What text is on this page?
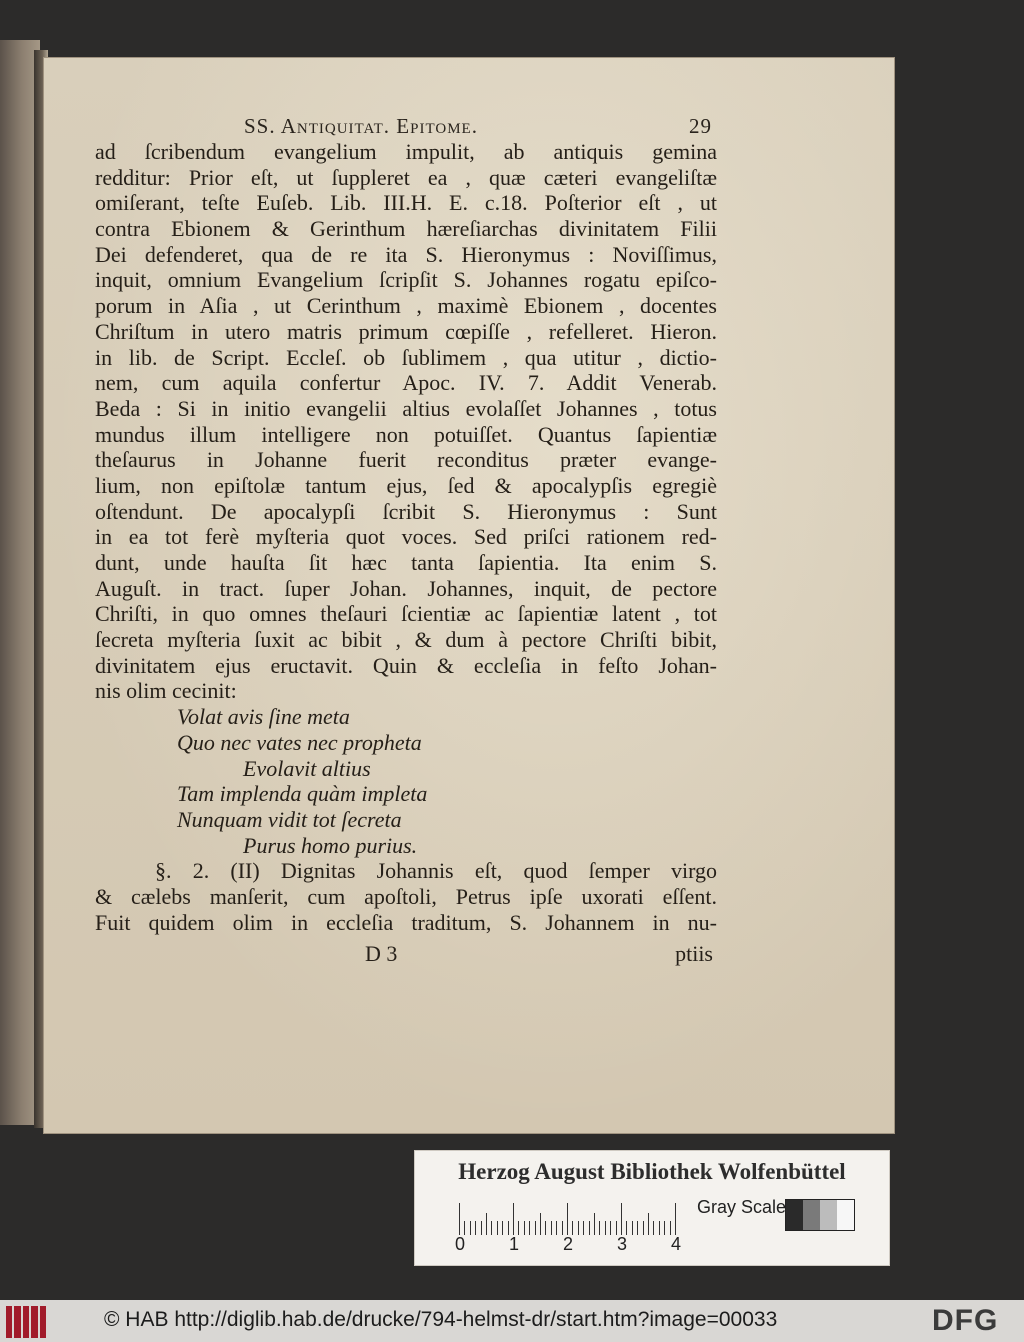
SS. Antiquitat. Epitome.	29
ad ſcribendum evangelium impulit, ab antiquis gemina
redditur: Prior eſt, ut ſuppleret ea , quæ cæteri evangeliſtæ
omiſerant, teſte Euſeb. Lib. III.H. E. c.18. Poſterior eſt , ut
contra Ebionem & Gerinthum hæreſiarchas divinitatem Filii
Dei defenderet, qua de re ita S. Hieronymus : Noviſſimus,
inquit, omnium Evangelium ſcripſit S. Johannes rogatu epiſco-
porum in Aſia , ut Cerinthum , maximè Ebionem , docentes
Chriſtum in utero matris primum cœpiſſe , refelleret. Hieron.
in lib. de Script. Eccleſ. ob ſublimem , qua utitur , dictio-
nem, cum aquila confertur Apoc. IV. 7. Addit Venerab.
Beda : Si in initio evangelii altius evolaſſet Johannes , totus
mundus illum intelligere non potuiſſet. Quantus ſapientiæ
theſaurus in Johanne fuerit reconditus præter evange-
lium, non epiſtolæ tantum ejus, ſed & apocalypſis egregiè
oſtendunt. De apocalypſi ſcribit S. Hieronymus : Sunt
in ea tot ferè myſteria quot voces. Sed priſci rationem red-
dunt, unde hauſta ſit hæc tanta ſapientia. Ita enim S.
Auguſt. in tract. ſuper Johan. Johannes, inquit, de pectore
Chriſti, in quo omnes theſauri ſcientiæ ac ſapientiæ latent , tot
ſecreta myſteria ſuxit ac bibit , & dum à pectore Chriſti bibit,
divinitatem ejus eructavit. Quin & eccleſia in feſto Johan-
nis olim cecinit:
Volat avis ſine meta
Quo nec vates nec propheta
Evolavit altius
Tam implenda quàm impleta
Nunquam vidit tot ſecreta
Purus homo purius.
§. 2. (II) Dignitas Johannis eſt, quod ſemper virgo
& cælebs manſerit, cum apoſtoli, Petrus ipſe uxorati eſſent.
Fuit quidem olim in eccleſia traditum, S. Johannem in nu-
D 3	ptiis
Herzog August Bibliothek Wolfenbüttel
0 1 2 3 4
Gray Scale
© HAB http://diglib.hab.de/drucke/794-helmst-dr/start.htm?image=00033	DFG
